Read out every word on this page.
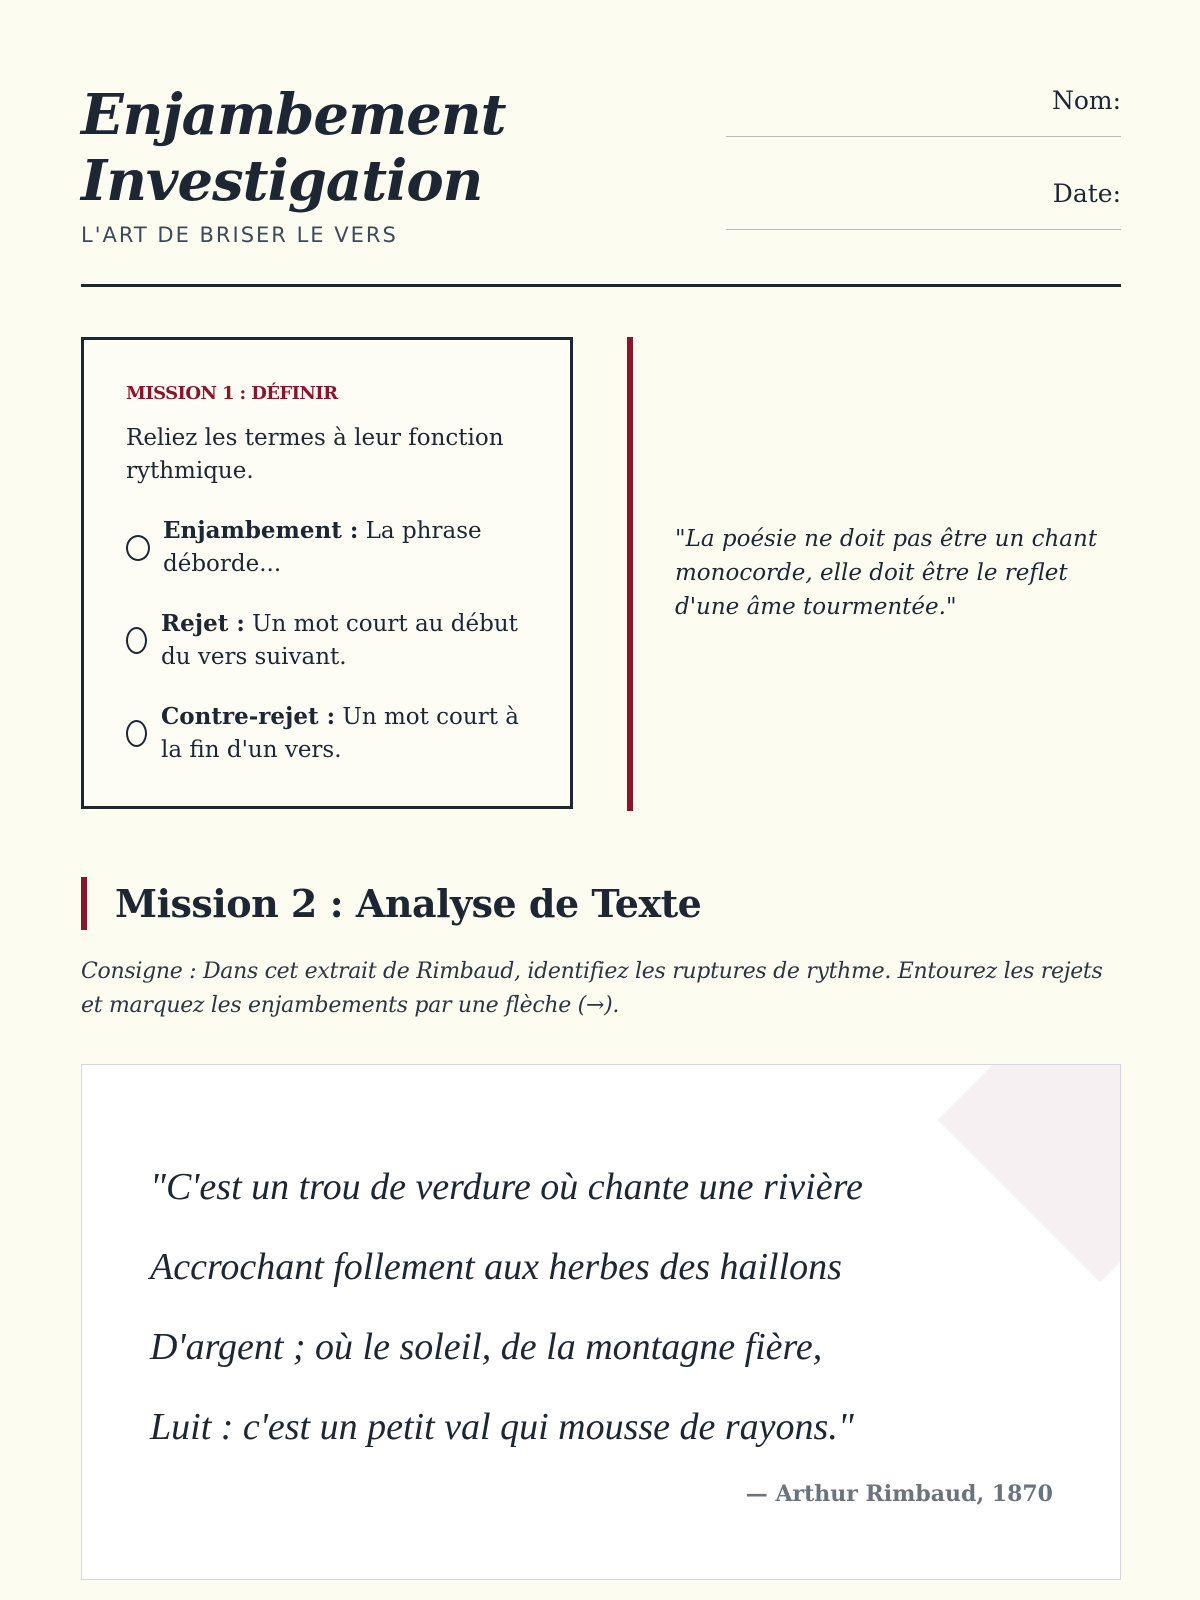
Enjambement
Investigation
L'ART DE BRISER LE VERS
Nom:
Date:
MISSION 1 : DÉFINIR
Reliez les termes à leur fonction rythmique.
Enjambement : La phrase déborde...
Rejet : Un mot court au début du vers suivant.
Contre-rejet : Un mot court à la fin d'un vers.
"La poésie ne doit pas être un chant monocorde, elle doit être le reflet d'une âme tourmentée."
Mission 2 : Analyse de Texte

Consigne : Dans cet extrait de Rimbaud, identifiez les ruptures de rythme. Entourez les rejets et marquez les enjambements par une flèche (→).

"C'est un trou de verdure où chante une rivière
Accrochant follement aux herbes des haillons
D'argent ; où le soleil, de la montagne fière,
Luit : c'est un petit val qui mousse de rayons."
— Arthur Rimbaud, 1870
